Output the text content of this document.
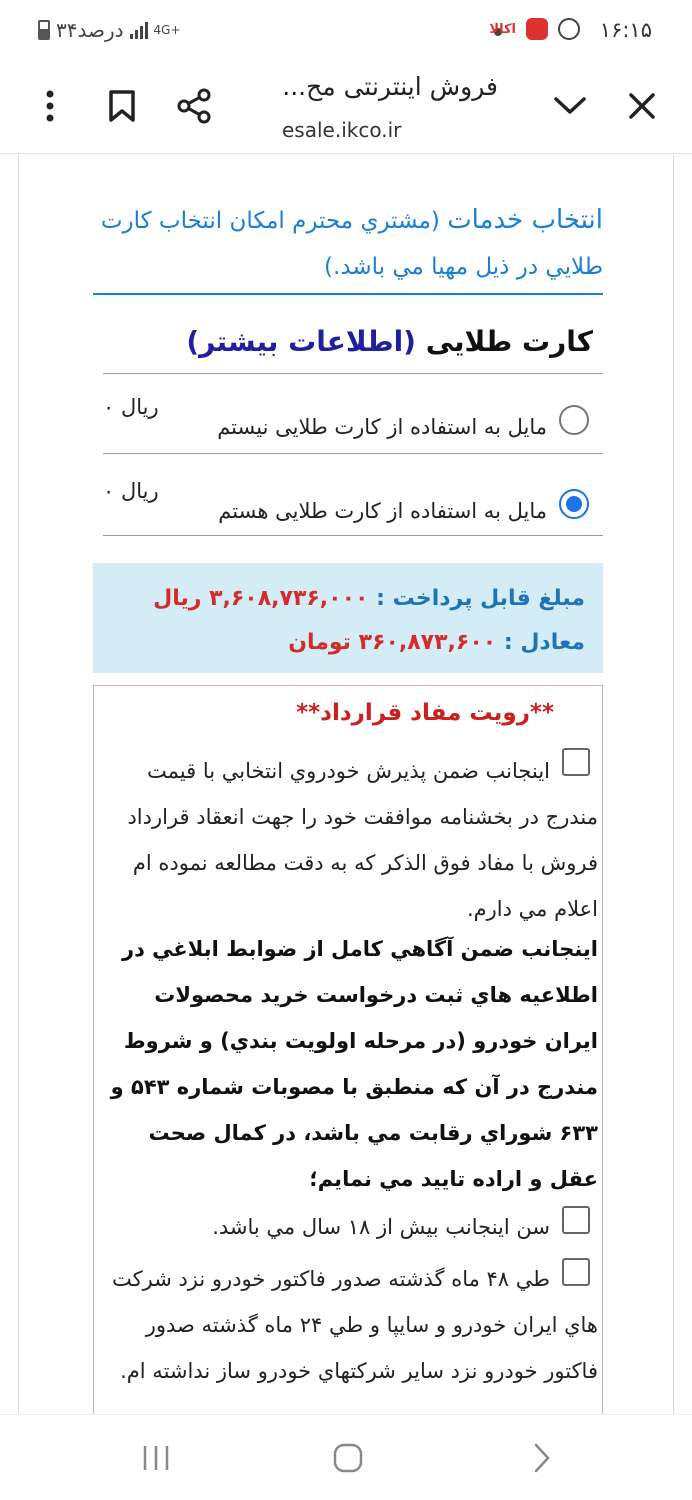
۳۴درصد	4G+	اکالا	۱۶:۱۵
فروش اینترنتی مح...
esale.ikco.ir
انتخاب خدمات (مشتري محترم امكان انتخاب كارت طلايي در ذيل مهيا مي باشد.)
کارت طلایی (اطلاعات بیشتر)
مایل به استفاده از کارت طلایی نیستم
۰ ریال
مایل به استفاده از کارت طلایی هستم
۰ ریال
مبلغ قابل پرداخت : ۳,۶۰۸,۷۳۶,۰۰۰ ریال
معادل : ۳۶۰,۸۷۳,۶۰۰ تومان
**رویت مفاد قرارداد**
اينجانب ضمن پذيرش خودروي انتخابي با قيمت مندرج در بخشنامه موافقت خود را جهت انعقاد قرارداد فروش با مفاد فوق الذكر كه به دقت مطالعه نموده ام اعلام مي دارم.
اينجانب ضمن آگاهي كامل از ضوابط ابلاغي در اطلاعيه هاي ثبت درخواست خريد محصولات ايران خودرو (در مرحله اولويت بندي) و شروط مندرج در آن كه منطبق با مصوبات شماره ۵۴۳ و ۶۳۳ شوراي رقابت مي باشد، در كمال صحت عقل و اراده تاييد مي نمايم؛
سن اينجانب بيش از ۱۸ سال مي باشد.
طي ۴۸ ماه گذشته صدور فاكتور خودرو نزد شركت هاي ايران خودرو و سايپا و طي ۲۴ ماه گذشته صدور فاكتور خودرو نزد ساير شركتهاي خودرو ساز نداشته ام.
